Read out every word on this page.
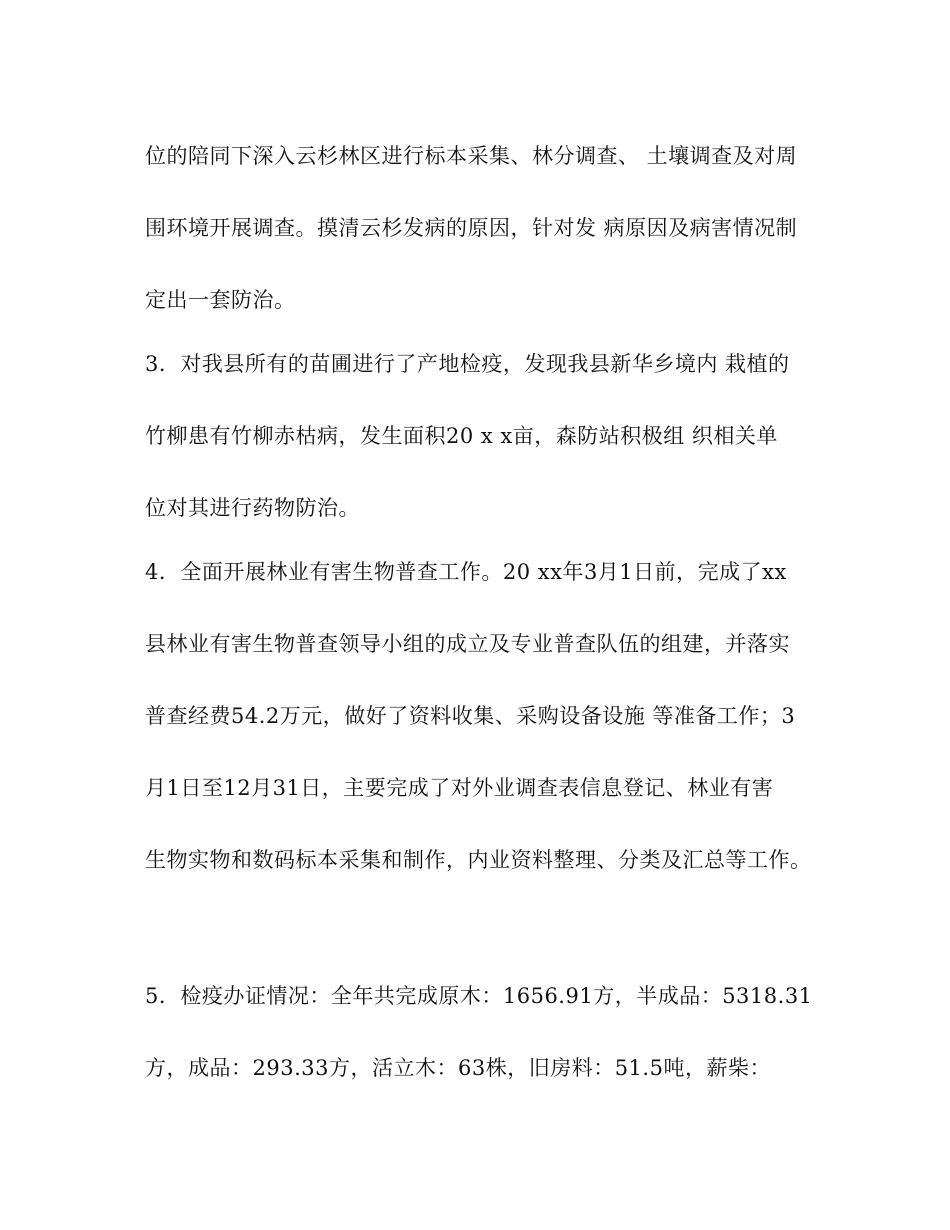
位的陪同下深入云杉林区进行标本采集、林分调查、 土壤调查及对周
围环境开展调查。摸清云杉发病的原因，针对发 病原因及病害情况制
定出一套防治。
3．对我县所有的苗圃进行了产地检疫，发现我县新华乡境内 栽植的
竹柳患有竹柳赤枯病，发生面积20 x x亩，森防站积极组 织相关单
位对其进行药物防治。
4．全面开展林业有害生物普查工作。20 xx年3月1日前，完成了xx
县林业有害生物普查领导小组的成立及专业普查队伍的组建，并落实
普查经费54.2万元，做好了资料收集、采购设备设施 等准备工作；3
月1日至12月31日，主要完成了对外业调查表信息登记、林业有害
生物实物和数码标本采集和制作，内业资料整理、分类及汇总等工作。
5．检疫办证情况：全年共完成原木：1656.91方，半成品：5318.31
方，成品：293.33方，活立木：63株，旧房料：51.5吨，薪柴：
